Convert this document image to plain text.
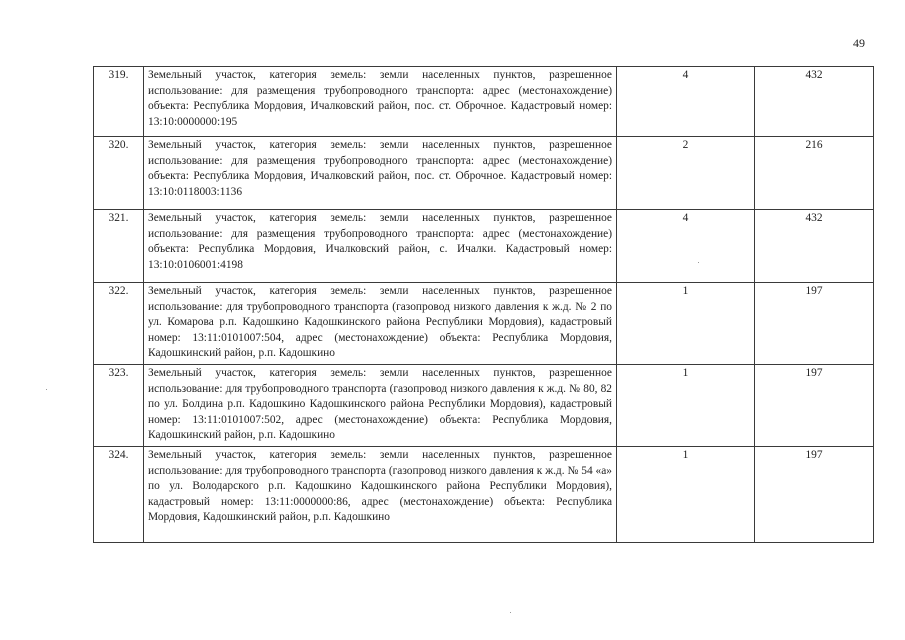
49
319.	Земельный участок, категория земель: земли населенных пунктов, разрешенное использование: для размещения трубопроводного транспорта: адрес (местонахождение) объекта: Республика Мордовия, Ичалковский район, пос. ст. Оброчное. Кадастровый номер: 13:10:0000000:195	4	432
320.	Земельный участок, категория земель: земли населенных пунктов, разрешенное использование: для размещения трубопроводного транспорта: адрес (местонахождение) объекта: Республика Мордовия, Ичалковский район, пос. ст. Оброчное. Кадастровый номер: 13:10:0118003:1136	2	216
321.	Земельный участок, категория земель: земли населенных пунктов, разрешенное использование: для размещения трубопроводного транспорта: адрес (местонахождение) объекта: Республика Мордовия, Ичалковский район, с. Ичалки. Кадастровый номер: 13:10:0106001:4198	4	432
322.	Земельный участок, категория земель: земли населенных пунктов, разрешенное использование: для трубопроводного транспорта (газопровод низкого давления к ж.д. № 2 по ул. Комарова р.п. Кадошкино Кадошкинского района Республики Мордовия), кадастровый номер: 13:11:0101007:504, адрес (местонахождение) объекта: Республика Мордовия, Кадошкинский район, р.п. Кадошкино	1	197
323.	Земельный участок, категория земель: земли населенных пунктов, разрешенное использование: для трубопроводного транспорта (газопровод низкого давления к ж.д. № 80, 82 по ул. Болдина р.п. Кадошкино Кадошкинского района Республики Мордовия), кадастровый номер: 13:11:0101007:502, адрес (местонахождение) объекта: Республика Мордовия, Кадошкинский район, р.п. Кадошкино	1	197
324.	Земельный участок, категория земель: земли населенных пунктов, разрешенное использование: для трубопроводного транспорта (газопровод низкого давления к ж.д. № 54 «а» по ул. Володарского р.п. Кадошкино Кадошкинского района Республики Мордовия), кадастровый номер: 13:11:0000000:86, адрес (местонахождение) объекта: Республика Мордовия, Кадошкинский район, р.п. Кадошкино	1	197
